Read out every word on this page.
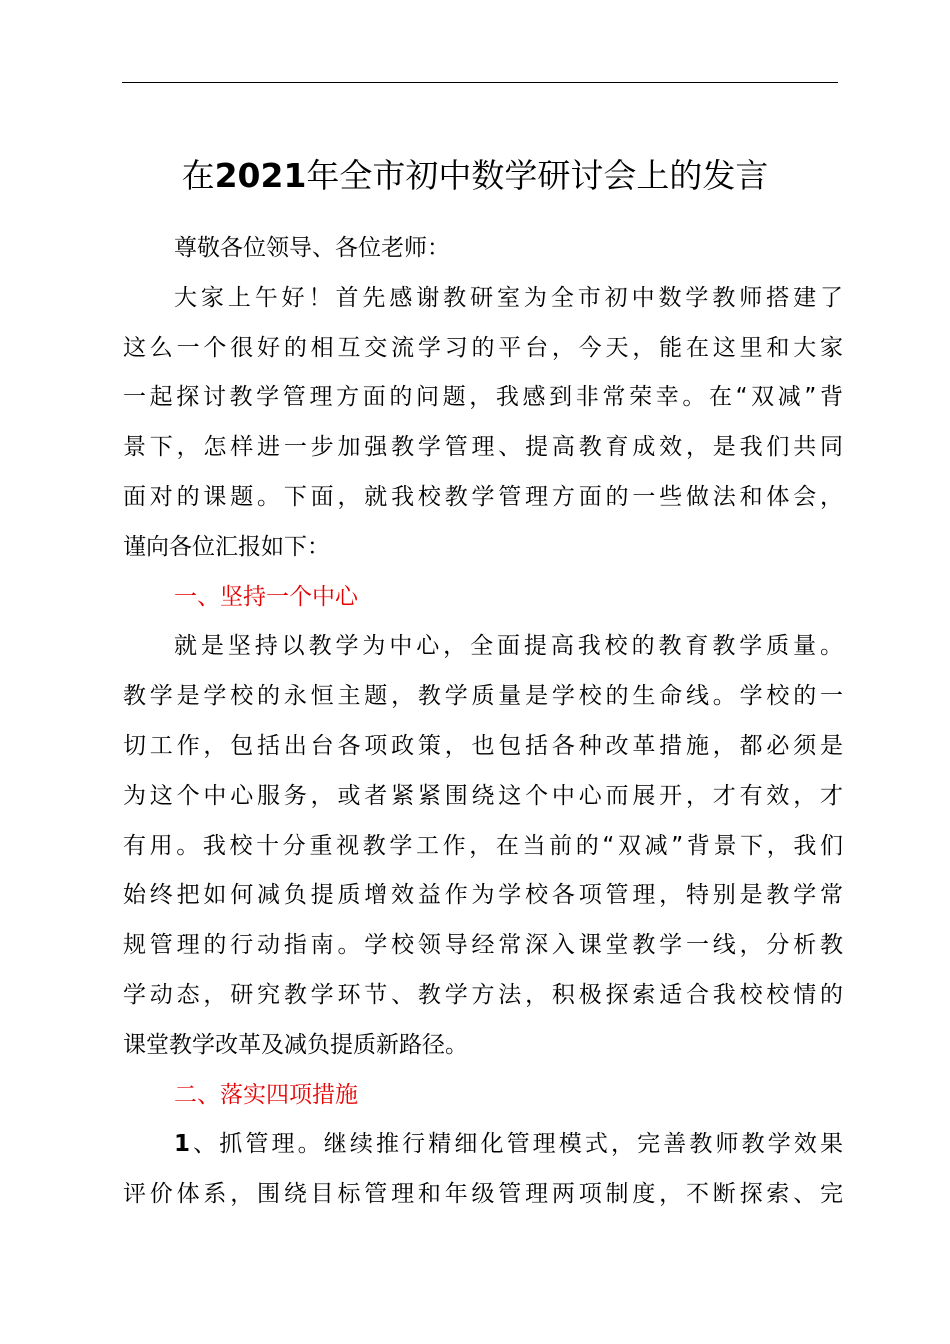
在2021年全市初中数学研讨会上的发言
尊敬各位领导、各位老师：
大家上午好！首先感谢教研室为全市初中数学教师搭建了
这么一个很好的相互交流学习的平台，今天，能在这里和大家
一起探讨教学管理方面的问题，我感到非常荣幸。在“双减”背
景下，怎样进一步加强教学管理、提高教育成效，是我们共同
面对的课题。下面，就我校教学管理方面的一些做法和体会，
谨向各位汇报如下：
一、坚持一个中心
就是坚持以教学为中心，全面提高我校的教育教学质量。
教学是学校的永恒主题，教学质量是学校的生命线。学校的一
切工作，包括出台各项政策，也包括各种改革措施，都必须是
为这个中心服务，或者紧紧围绕这个中心而展开，才有效，才
有用。我校十分重视教学工作，在当前的“双减”背景下，我们
始终把如何减负提质增效益作为学校各项管理，特别是教学常
规管理的行动指南。学校领导经常深入课堂教学一线，分析教
学动态，研究教学环节、教学方法，积极探索适合我校校情的
课堂教学改革及减负提质新路径。
二、落实四项措施
1、抓管理。继续推行精细化管理模式，完善教师教学效果
评价体系，围绕目标管理和年级管理两项制度，不断探索、完
